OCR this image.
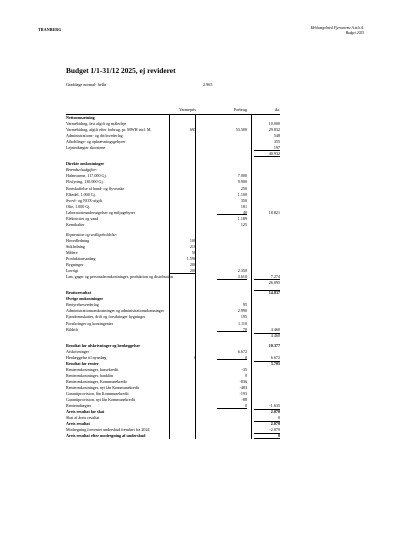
TRANBERG	Mehlumgolmed Fjernvarme A.m.b.A.
Budget 2025
Budget 1/1-31/12 2025, ej revideret
Graddage normal- helår	2.965
Varmepris	Forbrug	tkr.
Nettoomsætning
Varmebidrag, fast afgift og målerleje	10.000
Varmebidrag, afgift efter forbrug, pr. MWH incl. M.	697	53.500	29.832
Administrations- og driftsvederlag	548
Afkoblings- og opkrævningsgebyrer	355
Lejeindtægter skorstene	197
40.932
Direkte omkostninger
Brændselsudgifter:
Halmvarme, 117.000 Gj.	7.000
Flisfyring, 130.000 Gj.	9.900
Bortskaffelse af bund- og flyveaske	250
Elkedel, 1.000 Gj.	1.100
Svovl- og NOX-afgift	350
Olie, 1.000 Gj.	181
Laboratorieundersøgelser og miljøgebyrer	40	18.821
Elektricitet og vand	1.189
Kemikalier	125
Reparation og vedligeholdelse:
Hovedledning	100
Stikledning	210
Målere	50
Produktionsanlæg	1.590
Bygninger	200
Løvrigt	200	2.350
Løn, gager og personaleomkostninger, produktion og distribution	3.610	7.274
26.095
Bruttoresultat	14.837
Øvrige omkostninger
Bestyrelsesvederlag	95
Administrationsomkostninger og administrationsdomninger	2.990
Ejendomsskatter, drift og forsikringer bygninger	195
Forsikringer og kontingenter	1.110
Bildrift	70	4.460
4.460
Resultat før afskrivninger og henlæggelser	10.377
Afskrivninger	6.672
Henlæggelse til nyanlæg	0	0	6.672
Resultat før renter	3.705
Renteomkostninger, kassekredit	-35
Renteomkostninger, banklån	0
Renteomkostninger, Kommunekredit	-836
Renteomkostninger, nyt lån Kommunekredit	-483
Garantiprovision, lån Kommunekredit	-193
Garantiprovision, nyt lån Kommunekredit	-88
Renteindtægter	0	-1.635
Årets resultat før skat	2.070
Skat af årets resultat	0
Årets resultat	2.070
Modregning forventet underskud fremført fra 2024	-2.070
Årets resultat efter modregning af underskud	0
